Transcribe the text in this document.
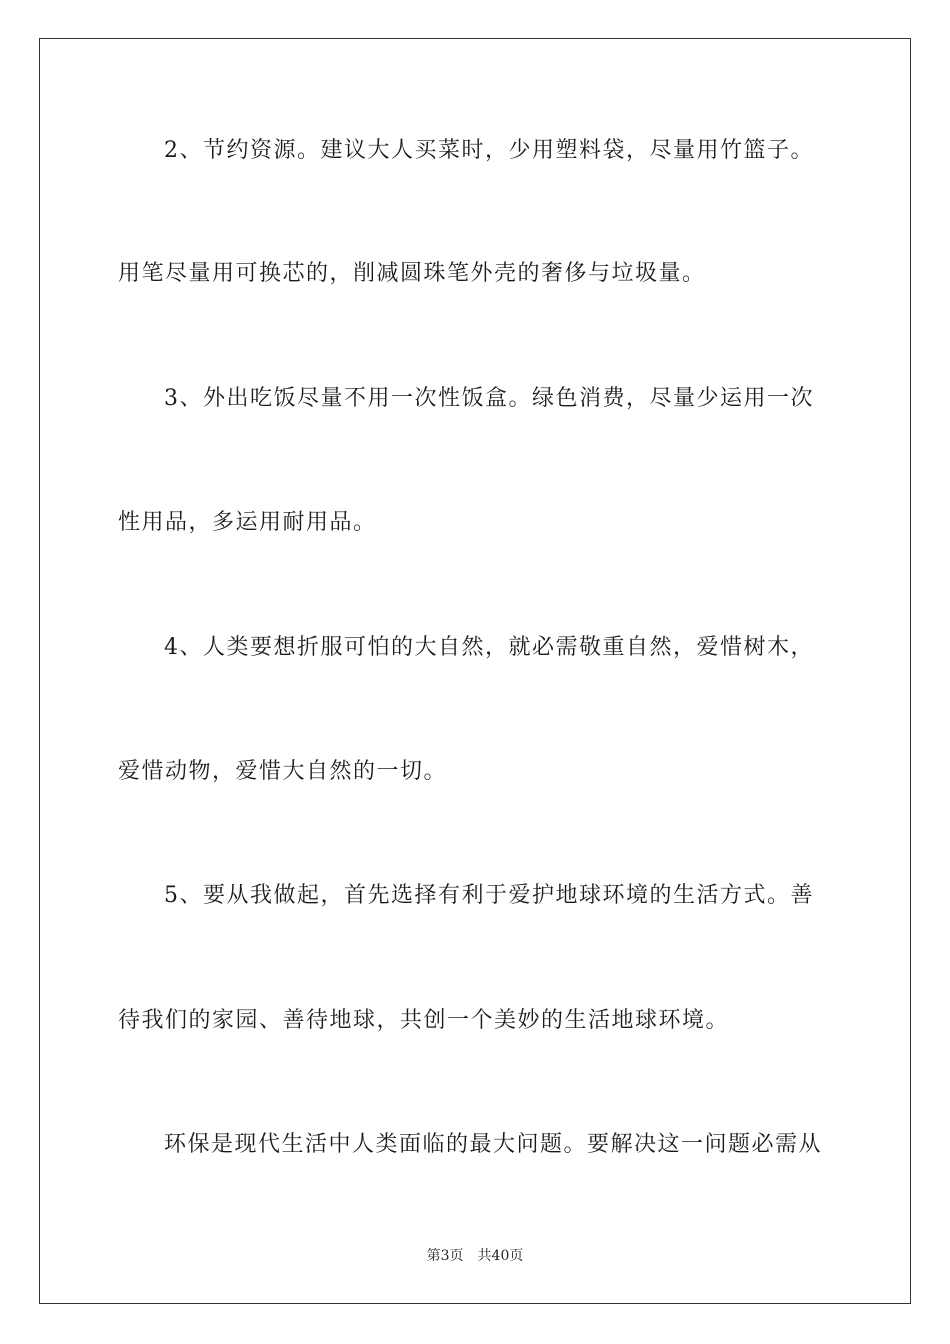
2、节约资源。建议大人买菜时，少用塑料袋，尽量用竹篮子。
用笔尽量用可换芯的，削减圆珠笔外壳的奢侈与垃圾量。
3、外出吃饭尽量不用一次性饭盒。绿色消费，尽量少运用一次
性用品，多运用耐用品。
4、人类要想折服可怕的大自然，就必需敬重自然，爱惜树木，
爱惜动物，爱惜大自然的一切。
5、要从我做起，首先选择有利于爱护地球环境的生活方式。善
待我们的家园、善待地球，共创一个美妙的生活地球环境。
环保是现代生活中人类面临的最大问题。要解决这一问题必需从
第3页 共40页
